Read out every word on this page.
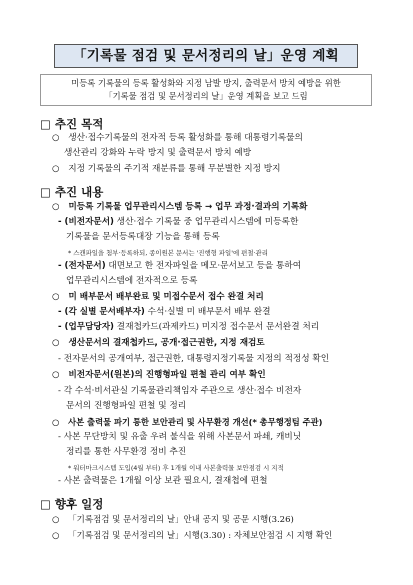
「기록물 점검 및 문서정리의 날」운영 계획
미등록 기록물의 등록 활성화와 지정 남발 방지, 출력문서 방치 예방을 위한
「기록물 점검 및 문서정리의 날」운영 계획을 보고 드림
□ 추진 목적
○ 생산·접수기록물의 전자적 등록 활성화를 통해 대통령기록물의
생산관리 강화와 누락 방지 및 출력문서 방치 예방
○ 지정 기록물의 주기적 재분류를 통해 무분별한 지정 방지
□ 추진 내용
○ 미등록 기록물 업무관리시스템 등록 → 업무 과정·결과의 기록화
- (비전자문서) 생산·접수 기록물 중 업무관리시스템에 미등록한
기록물을 문서등록대장 기능을 통해 등록
* 스캔파일을 첨부·등록하되, 종이원본 문서는 '진행형 파일'에 편철·관리
- (전자문서) 대면보고 한 전자파일을 메모·문서보고 등을 통하여
업무관리시스템에 전자적으로 등록
○ 미 배부문서 배부완료 및 미접수문서 접수 완결 처리
- (각 실별 문서배부자) 수석·실별 미 배부문서 배부 완결
- (업무담당자) 결재첩카드(과제카드) 미지정 접수문서 문서완결 처리
○ 생산문서의 결재첩카드, 공개·접근권한, 지정 재검토
- 전자문서의 공개여부, 접근권한, 대통령지정기록물 지정의 적정성 확인
○ 비전자문서(원본)의 진행형파일 편철 관리 여부 확인
- 각 수석·비서관실 기록물관리책임자 주관으로 생산·접수 비전자
문서의 진행형파일 편철 및 정리
○ 사본 출력물 파기 통한 보안관리 및 사무환경 개선(* 총무행정팀 주관)
- 사본 무단방치 및 유출 우려 불식을 위해 사본문서 파쇄, 캐비닛
정리를 통한 사무환경 정비 추진
* 워터마크시스템 도입(4월 부터) 후 1개월 이내 사본출력물 보안점검 시 지적
- 사본 출력물은 1개월 이상 보관 필요시, 결재첩에 편철
□ 향후 일정
○ 「기록점검 및 문서정리의 날」안내 공지 및 공문 시행(3.26)
○ 「기록점검 및 문서정리의 날」시행(3.30) : 자체보안점검 시 지행 확인
